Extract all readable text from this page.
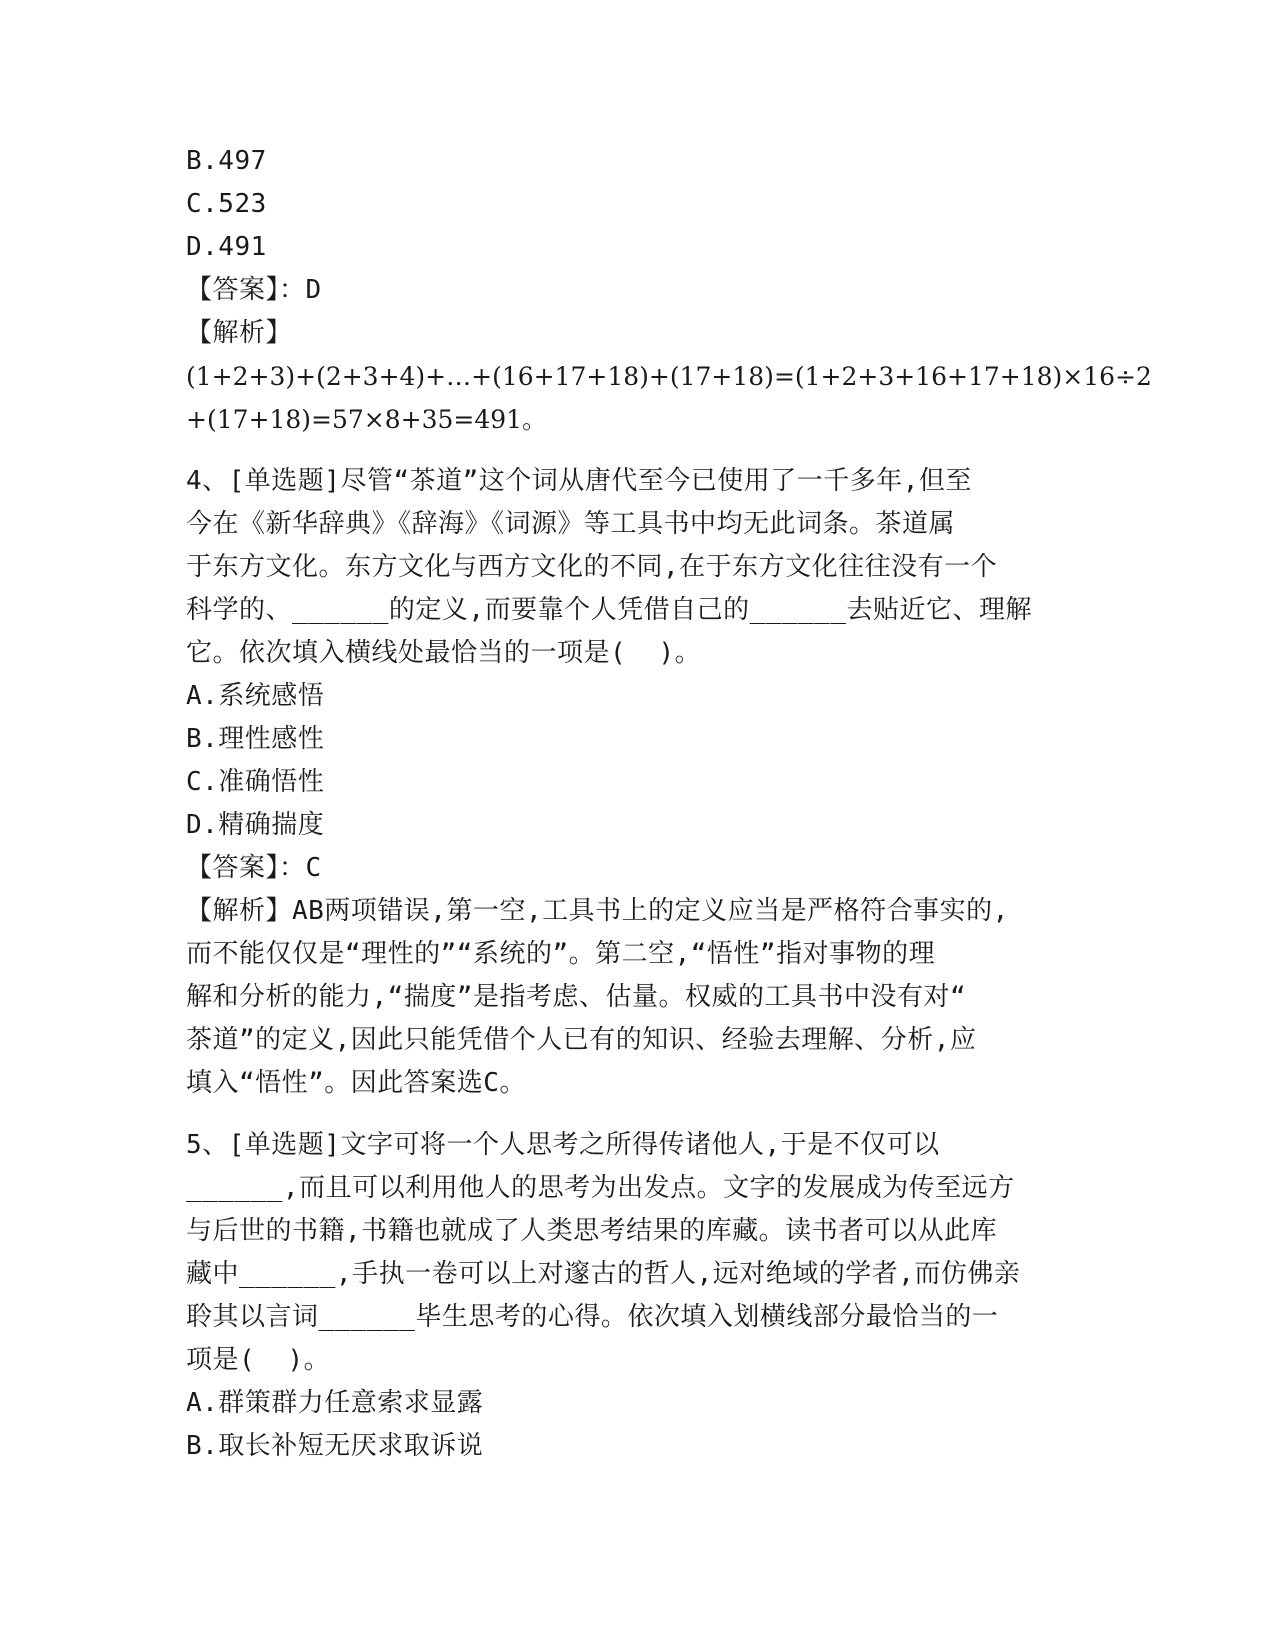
B.497
C.523
D.491
【答案】：D
【解析】
(1+2+3)+(2+3+4)+…+(16+17+18)+(17+18)=(1+2+3+16+17+18)×16÷2
+(17+18)=57×8+35=491。
4、[单选题]尽管“茶道”这个词从唐代至今已使用了一千多年,但至
今在《新华辞典》《辞海》《词源》等工具书中均无此词条。茶道属
于东方文化。东方文化与西方文化的不同,在于东方文化往往没有一个
科学的、______的定义,而要靠个人凭借自己的______去贴近它、理解
它。依次填入横线处最恰当的一项是(  )。
A.系统感悟
B.理性感性
C.准确悟性
D.精确揣度
【答案】：C
【解析】AB两项错误,第一空,工具书上的定义应当是严格符合事实的,
而不能仅仅是“理性的”“系统的”。第二空,“悟性”指对事物的理
解和分析的能力,“揣度”是指考虑、估量。权威的工具书中没有对“
茶道”的定义,因此只能凭借个人已有的知识、经验去理解、分析,应
填入“悟性”。因此答案选C。
5、[单选题]文字可将一个人思考之所得传诸他人,于是不仅可以
______,而且可以利用他人的思考为出发点。文字的发展成为传至远方
与后世的书籍,书籍也就成了人类思考结果的库藏。读书者可以从此库
藏中______,手执一卷可以上对邃古的哲人,远对绝域的学者,而仿佛亲
聆其以言词______毕生思考的心得。依次填入划横线部分最恰当的一
项是(  )。
A.群策群力任意索求显露
B.取长补短无厌求取诉说
